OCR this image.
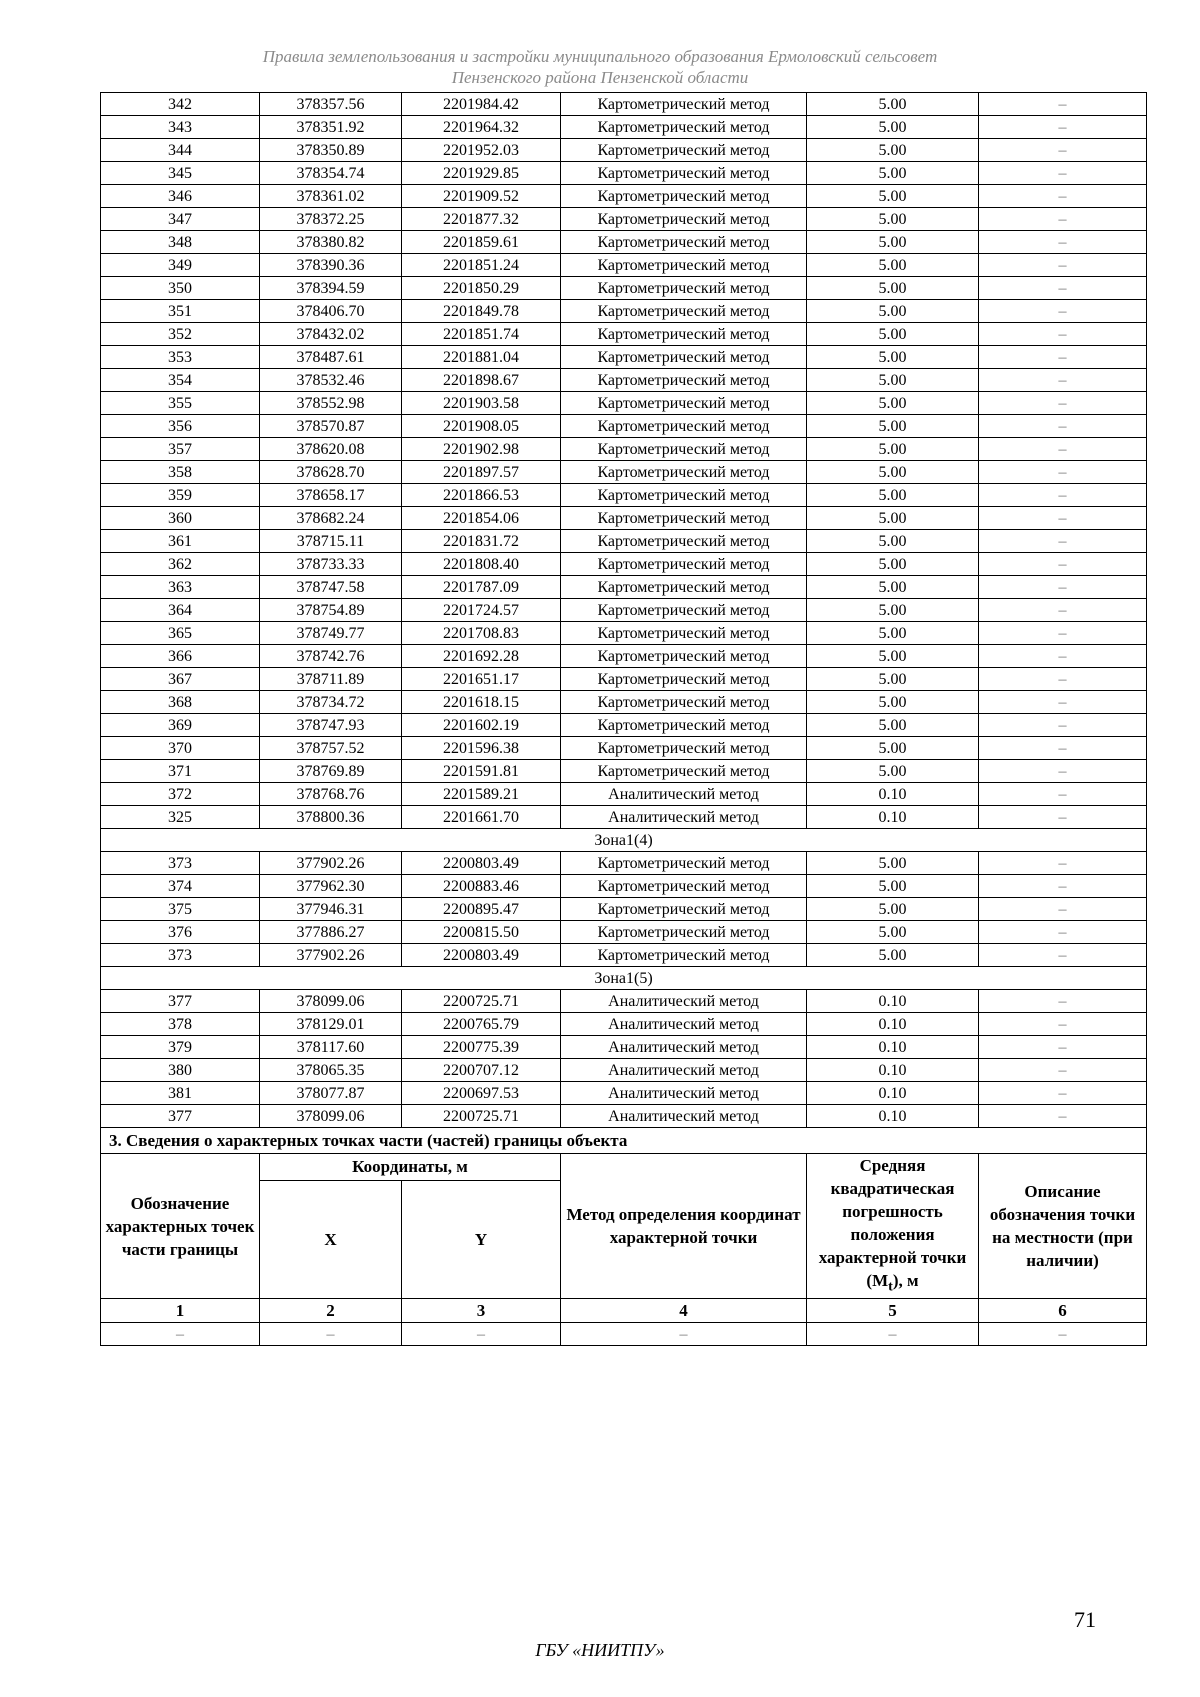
Правила землепользования и застройки муниципального образования Ермоловский сельсовет
Пензенского района Пензенской области
342	378357.56	2201984.42	Картометрический метод	5.00	–
343	378351.92	2201964.32	Картометрический метод	5.00	–
344	378350.89	2201952.03	Картометрический метод	5.00	–
345	378354.74	2201929.85	Картометрический метод	5.00	–
346	378361.02	2201909.52	Картометрический метод	5.00	–
347	378372.25	2201877.32	Картометрический метод	5.00	–
348	378380.82	2201859.61	Картометрический метод	5.00	–
349	378390.36	2201851.24	Картометрический метод	5.00	–
350	378394.59	2201850.29	Картометрический метод	5.00	–
351	378406.70	2201849.78	Картометрический метод	5.00	–
352	378432.02	2201851.74	Картометрический метод	5.00	–
353	378487.61	2201881.04	Картометрический метод	5.00	–
354	378532.46	2201898.67	Картометрический метод	5.00	–
355	378552.98	2201903.58	Картометрический метод	5.00	–
356	378570.87	2201908.05	Картометрический метод	5.00	–
357	378620.08	2201902.98	Картометрический метод	5.00	–
358	378628.70	2201897.57	Картометрический метод	5.00	–
359	378658.17	2201866.53	Картометрический метод	5.00	–
360	378682.24	2201854.06	Картометрический метод	5.00	–
361	378715.11	2201831.72	Картометрический метод	5.00	–
362	378733.33	2201808.40	Картометрический метод	5.00	–
363	378747.58	2201787.09	Картометрический метод	5.00	–
364	378754.89	2201724.57	Картометрический метод	5.00	–
365	378749.77	2201708.83	Картометрический метод	5.00	–
366	378742.76	2201692.28	Картометрический метод	5.00	–
367	378711.89	2201651.17	Картометрический метод	5.00	–
368	378734.72	2201618.15	Картометрический метод	5.00	–
369	378747.93	2201602.19	Картометрический метод	5.00	–
370	378757.52	2201596.38	Картометрический метод	5.00	–
371	378769.89	2201591.81	Картометрический метод	5.00	–
372	378768.76	2201589.21	Аналитический метод	0.10	–
325	378800.36	2201661.70	Аналитический метод	0.10	–
Зона1(4)					
373	377902.26	2200803.49	Картометрический метод	5.00	–
374	377962.30	2200883.46	Картометрический метод	5.00	–
375	377946.31	2200895.47	Картометрический метод	5.00	–
376	377886.27	2200815.50	Картометрический метод	5.00	–
373	377902.26	2200803.49	Картометрический метод	5.00	–
Зона1(5)					
377	378099.06	2200725.71	Аналитический метод	0.10	–
378	378129.01	2200765.79	Аналитический метод	0.10	–
379	378117.60	2200775.39	Аналитический метод	0.10	–
380	378065.35	2200707.12	Аналитический метод	0.10	–
381	378077.87	2200697.53	Аналитический метод	0.10	–
377	378099.06	2200725.71	Аналитический метод	0.10	–
3. Сведения о характерных точках части (частей) границы объекта					
Обозначение характерных точек части границы	Координаты, м		Метод определения координат характерной точки	Средняя квадратическая погрешность положения характерной точки $(M_t)$, м	Описание обозначения точки на местности (при наличии)
	X	Y			
1	2	3	4	5	6
–	–	–	–	–	–
71
ГБУ «НИИТПУ»
